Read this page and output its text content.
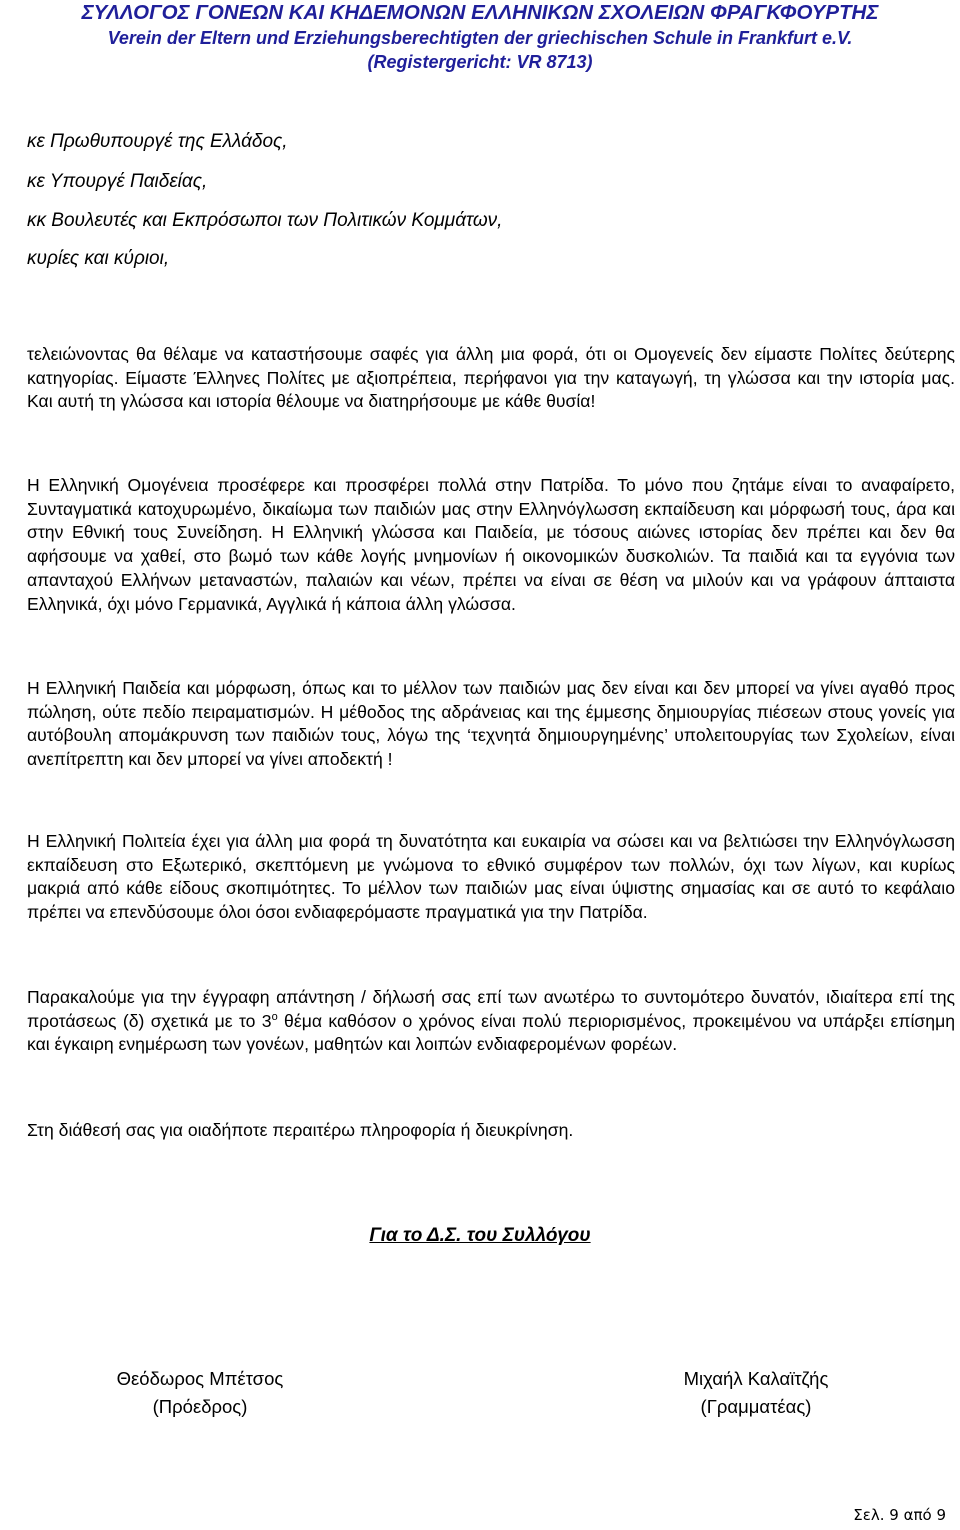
ΣΥΛΛΟΓΟΣ ΓΟΝΕΩΝ ΚΑΙ ΚΗΔΕΜΟΝΩΝ ΕΛΛΗΝΙΚΩΝ ΣΧΟΛΕΙΩΝ ΦΡΑΓΚΦΟΥΡΤΗΣ
Verein der Eltern und Erziehungsberechtigten der griechischen Schule in Frankfurt e.V.
(Registergericht: VR 8713)
κε Πρωθυπουργέ της Ελλάδος,
κε Υπουργέ Παιδείας,
κκ Βουλευτές και Εκπρόσωποι των Πολιτικών Κομμάτων,
κυρίες και κύριοι,

τελειώνοντας θα θέλαμε να καταστήσουμε σαφές για άλλη μια φορά, ότι οι Ομογενείς δεν είμαστε Πολίτες δεύτερης κατηγορίας. Είμαστε Έλληνες Πολίτες με αξιοπρέπεια, περήφανοι για την καταγωγή, τη γλώσσα και την ιστορία μας. Και αυτή τη γλώσσα και ιστορία θέλουμε να διατηρήσουμε με κάθε θυσία!

Η Ελληνική Ομογένεια προσέφερε και προσφέρει πολλά στην Πατρίδα. Το μόνο που ζητάμε είναι το αναφαίρετο, Συνταγματικά κατοχυρωμένο, δικαίωμα των παιδιών μας στην Ελληνόγλωσση εκπαίδευση και μόρφωσή τους, άρα και στην Εθνική τους Συνείδηση. Η Ελληνική γλώσσα και Παιδεία, με τόσους αιώνες ιστορίας δεν πρέπει και δεν θα αφήσουμε να χαθεί, στο βωμό των κάθε λογής μνημονίων ή οικονομικών δυσκολιών. Τα παιδιά και τα εγγόνια των απανταχού Ελλήνων μεταναστών, παλαιών και νέων, πρέπει να είναι σε θέση να μιλούν και να γράφουν άπταιστα Ελληνικά, όχι μόνο Γερμανικά, Αγγλικά ή κάποια άλλη γλώσσα.

Η Ελληνική Παιδεία και μόρφωση, όπως και το μέλλον των παιδιών μας δεν είναι και δεν μπορεί να γίνει αγαθό προς πώληση, ούτε πεδίο πειραματισμών. Η μέθοδος της αδράνειας και της έμμεσης δημιουργίας πιέσεων στους γονείς για αυτόβουλη απομάκρυνση των παιδιών τους, λόγω της ‘τεχνητά δημιουργημένης’ υπολειτουργίας των Σχολείων, είναι ανεπίτρεπτη και δεν μπορεί να γίνει αποδεκτή !

Η Ελληνική Πολιτεία έχει για άλλη μια φορά τη δυνατότητα και ευκαιρία να σώσει και να βελτιώσει την Ελληνόγλωσση εκπαίδευση στο Εξωτερικό, σκεπτόμενη με γνώμονα το εθνικό συμφέρον των πολλών, όχι των λίγων, και κυρίως μακριά από κάθε είδους σκοπιμότητες. Το μέλλον των παιδιών μας είναι ύψιστης σημασίας και σε αυτό το κεφάλαιο πρέπει να επενδύσουμε όλοι όσοι ενδιαφερόμαστε πραγματικά για την Πατρίδα.

Παρακαλούμε για την έγγραφη απάντηση / δήλωσή σας επί των ανωτέρω το συντομότερο δυνατόν, ιδιαίτερα επί της προτάσεως (δ) σχετικά με το $3^o$ θέμα καθόσον ο χρόνος είναι πολύ περιορισμένος, προκειμένου να υπάρξει επίσημη και έγκαιρη ενημέρωση των γονέων, μαθητών και λοιπών ενδιαφερομένων φορέων.

Στη διάθεσή σας για οιαδήποτε περαιτέρω πληροφορία ή διευκρίνηση.

Για το Δ.Σ. του Συλλόγου
Θεόδωρος Μπέτσος
(Πρόεδρος)
Μιχαήλ Καλαϊτζής
(Γραμματέας)
Σελ. 9 από 9
